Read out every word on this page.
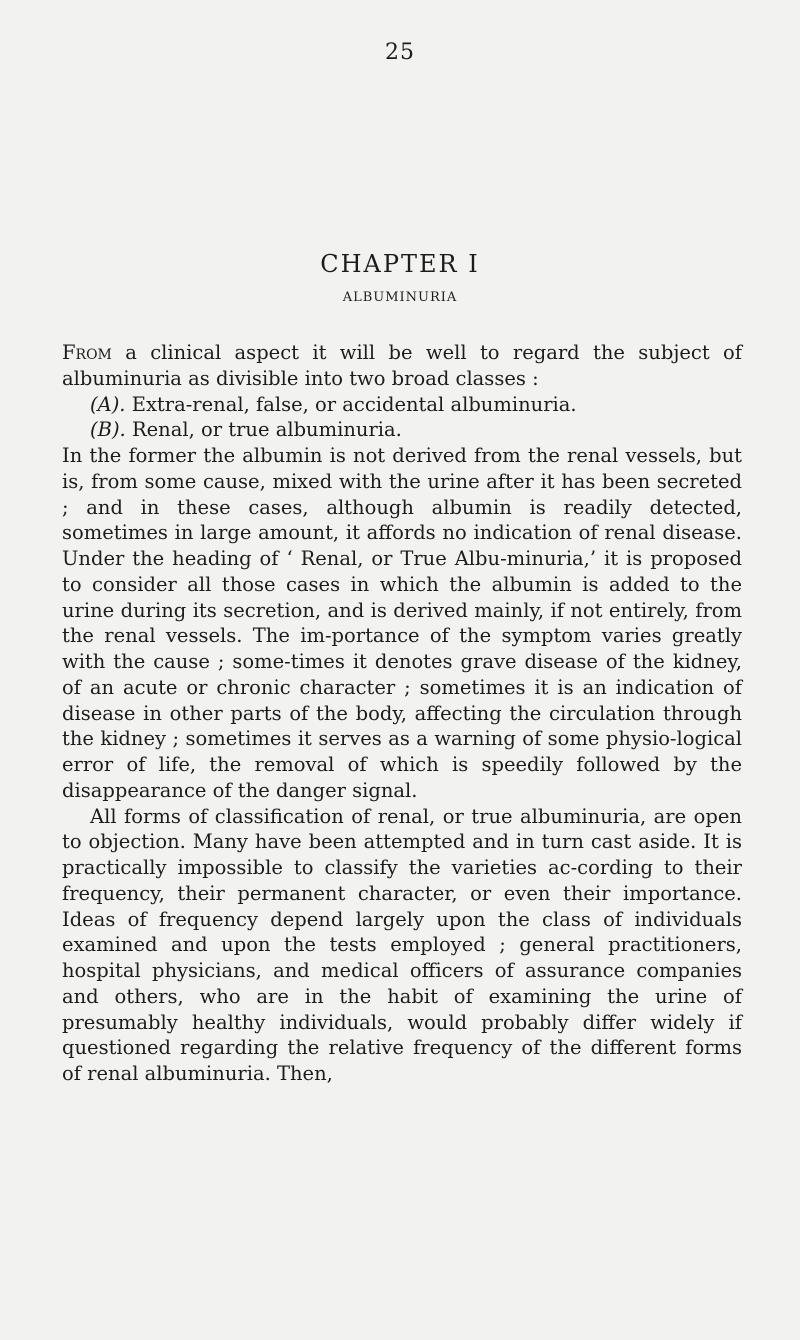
25
CHAPTER I
ALBUMINURIA

From a clinical aspect it will be well to regard the subject of albuminuria as divisible into two broad classes :

(A). Extra-renal, false, or accidental albuminuria.

(B). Renal, or true albuminuria.

In the former the albumin is not derived from the renal vessels, but is, from some cause, mixed with the urine after it has been secreted ; and in these cases, although albumin is readily detected, sometimes in large amount, it affords no indication of renal disease. Under the heading of ‘ Renal, or True Albu-minuria,’ it is proposed to consider all those cases in which the albumin is added to the urine during its secretion, and is derived mainly, if not entirely, from the renal vessels. The im-portance of the symptom varies greatly with the cause ; some-times it denotes grave disease of the kidney, of an acute or chronic character ; sometimes it is an indication of disease in other parts of the body, affecting the circulation through the kidney ; sometimes it serves as a warning of some physio-logical error of life, the removal of which is speedily followed by the disappearance of the danger signal.

All forms of classification of renal, or true albuminuria, are open to objection. Many have been attempted and in turn cast aside. It is practically impossible to classify the varieties ac-cording to their frequency, their permanent character, or even their importance. Ideas of frequency depend largely upon the class of individuals examined and upon the tests employed ; general practitioners, hospital physicians, and medical officers of assurance companies and others, who are in the habit of examining the urine of presumably healthy individuals, would probably differ widely if questioned regarding the relative frequency of the different forms of renal albuminuria. Then,
